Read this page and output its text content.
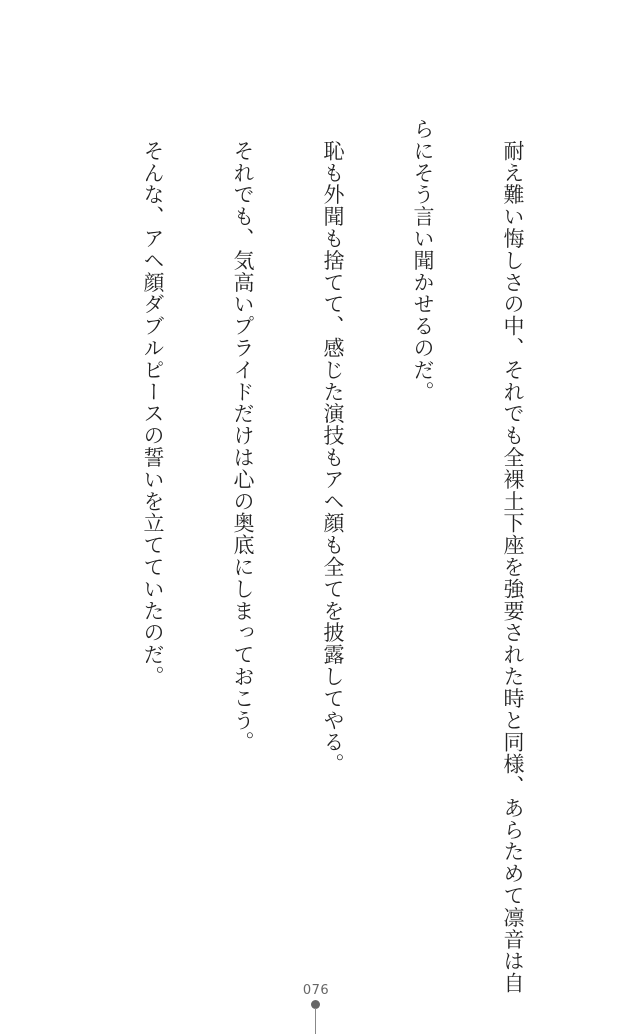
　耐え難い悔しさの中、それでも全裸土下座を強要された時と同様、あらためて凛音は自

らにそう言い聞かせるのだ。

　恥も外聞も捨てて、感じた演技もアヘ顔も全てを披露してやる。

　それでも、気高いプライドだけは心の奥底にしまっておこう。

　そんな、アヘ顔ダブルピースの誓いを立てていたのだ。

076
